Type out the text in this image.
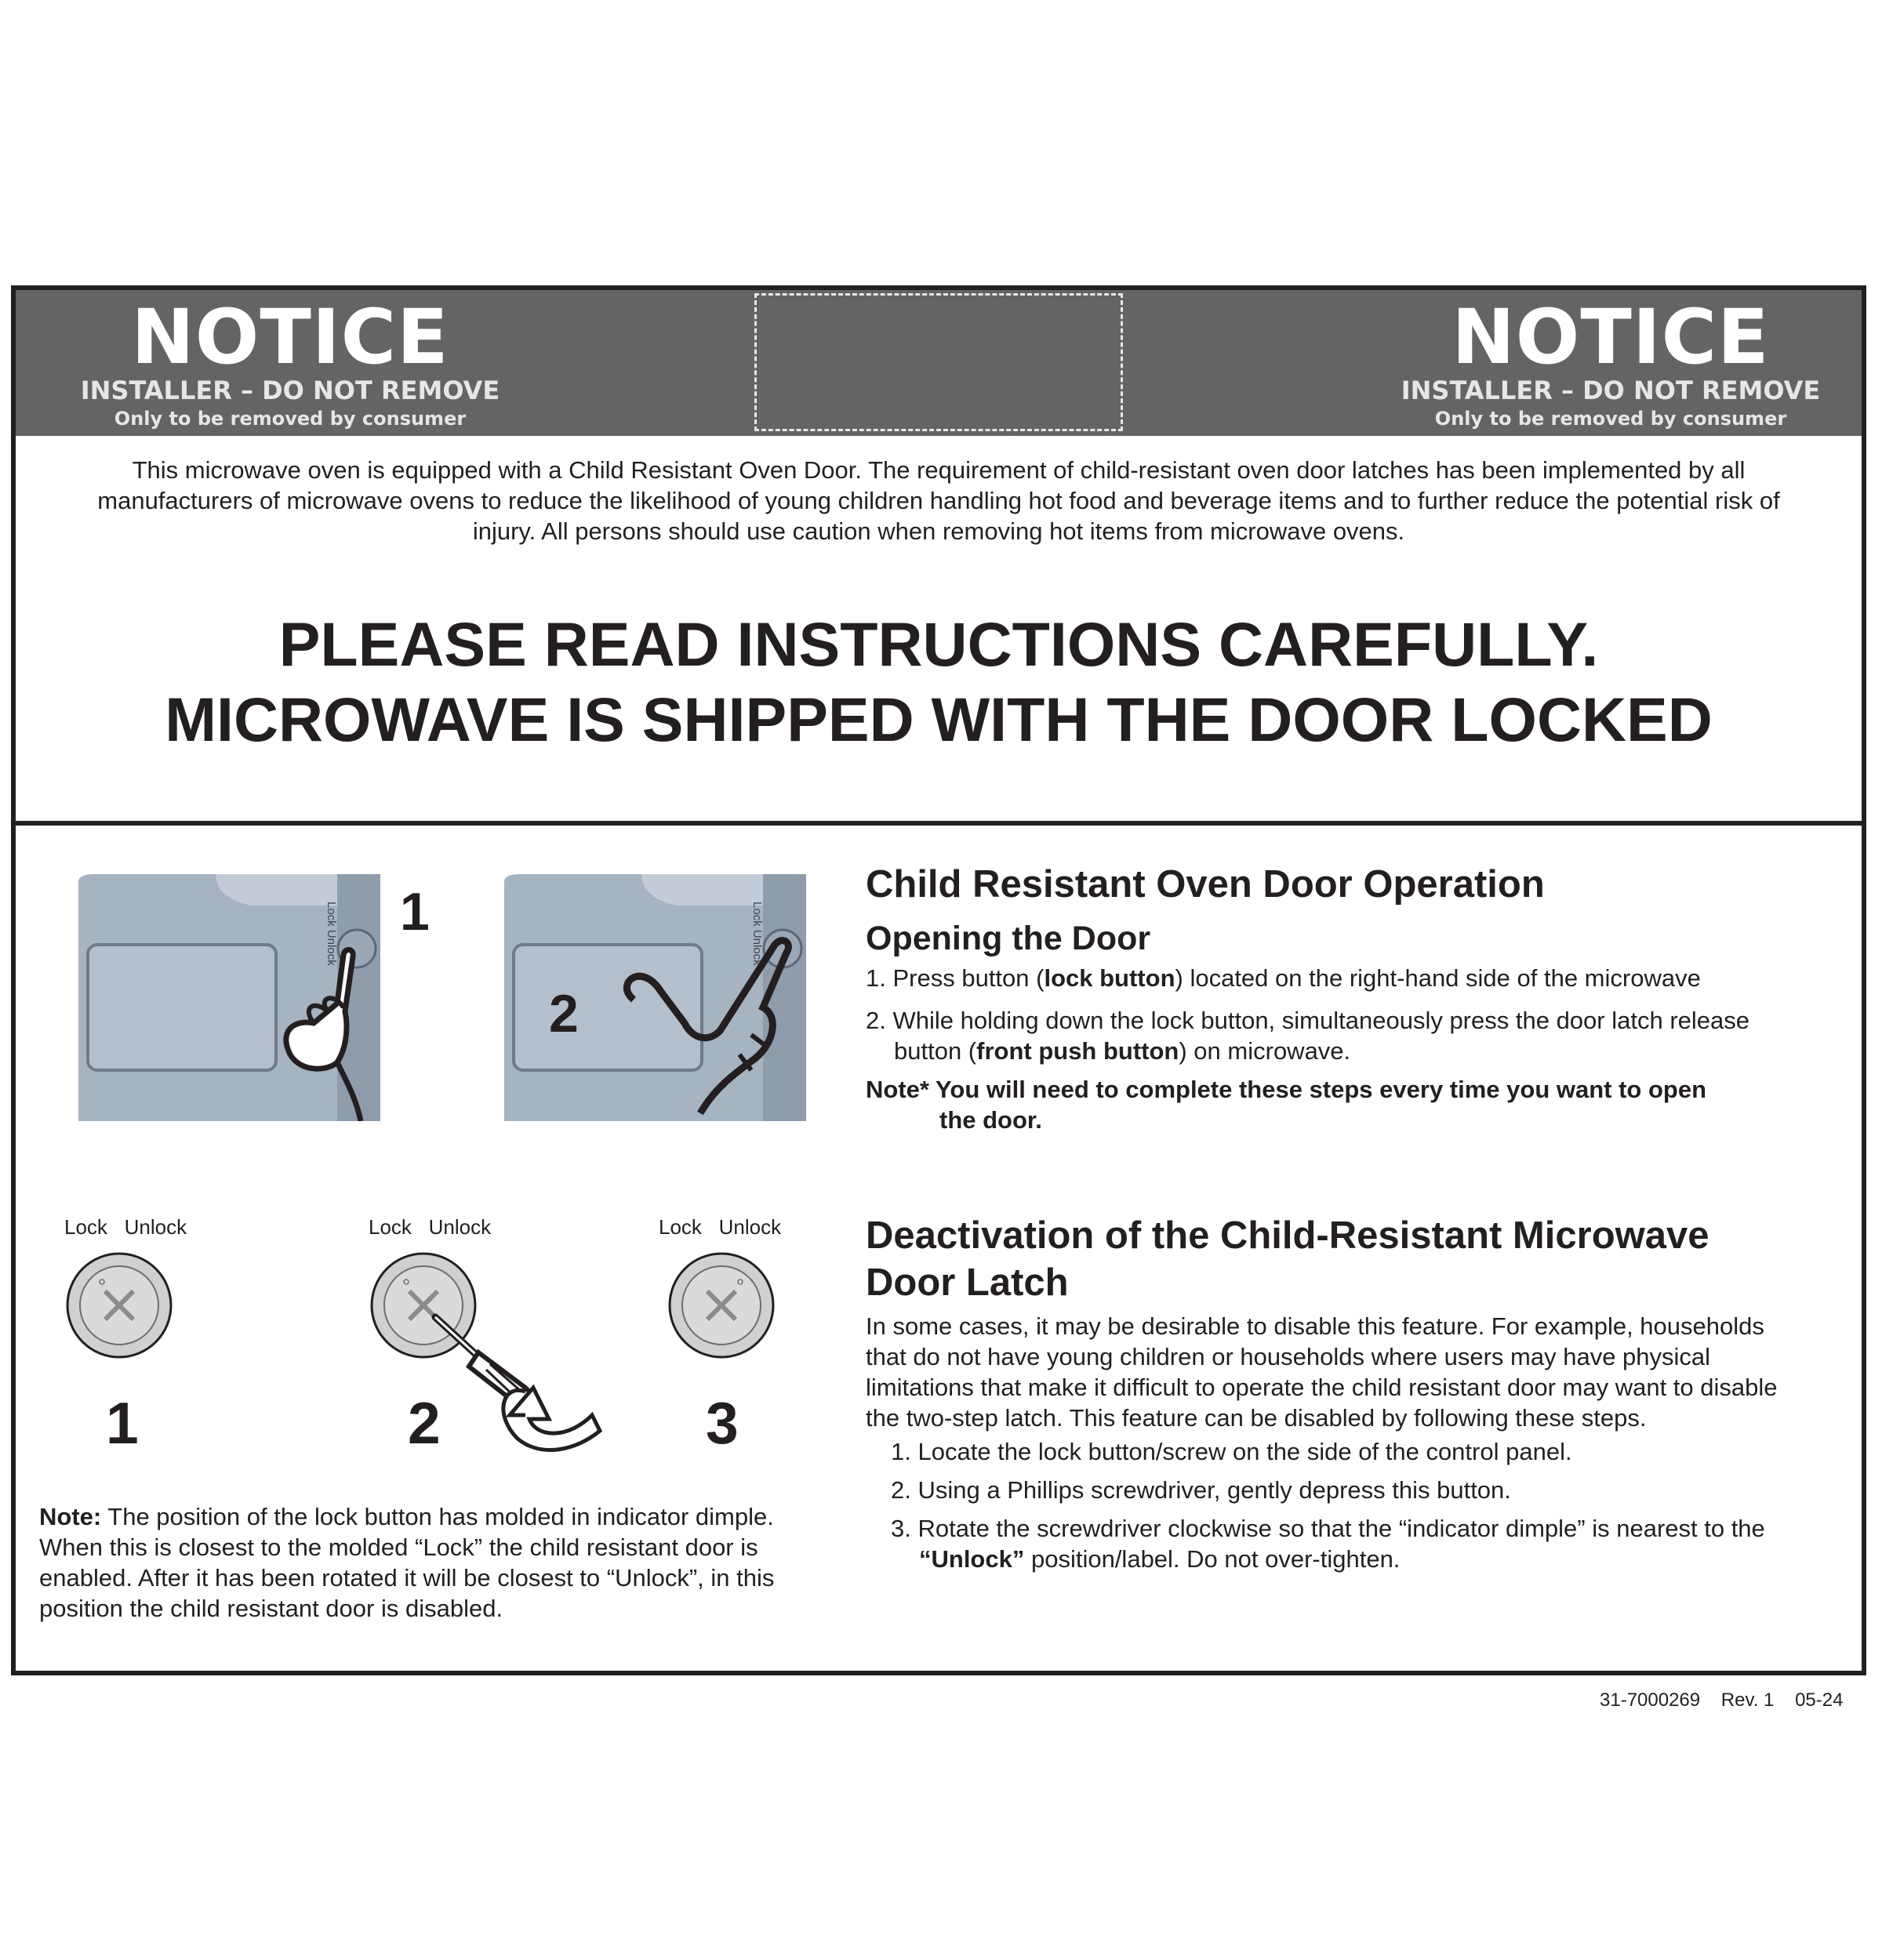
NOTICE
INSTALLER – DO NOT REMOVE
Only to be removed by consumer
NOTICE
INSTALLER – DO NOT REMOVE
Only to be removed by consumer
This microwave oven is equipped with a Child Resistant Oven Door. The requirement of child-resistant oven door latches has been implemented by all
manufacturers of microwave ovens to reduce the likelihood of young children handling hot food and beverage items and to further reduce the potential risk of
injury. All persons should use caution when removing hot items from microwave ovens.
PLEASE READ INSTRUCTIONS CAREFULLY.
MICROWAVE IS SHIPPED WITH THE DOOR LOCKED
Lock Unlock 1	Lock Unlock
2
Lock Unlock
1
Lock Unlock
2
Lock Unlock
3
Note: The position of the lock button has molded in indicator dimple.
When this is closest to the molded “Lock” the child resistant door is
enabled. After it has been rotated it will be closest to “Unlock”, in this
position the child resistant door is disabled.
Child Resistant Oven Door Operation
Opening the Door
1. Press button (lock button) located on the right-hand side of the microwave
2. While holding down the lock button, simultaneously press the door latch release
button (front push button) on microwave.
Note* You will need to complete these steps every time you want to open
the door.
Deactivation of the Child-Resistant Microwave
Door Latch
In some cases, it may be desirable to disable this feature. For example, households
that do not have young children or households where users may have physical
limitations that make it difficult to operate the child resistant door may want to disable
the two-step latch. This feature can be disabled by following these steps.
1. Locate the lock button/screw on the side of the control panel.
2. Using a Phillips screwdriver, gently depress this button.
3. Rotate the screwdriver clockwise so that the “indicator dimple” is nearest to the
“Unlock” position/label. Do not over-tighten.
31-7000269 Rev. 1 05-24
